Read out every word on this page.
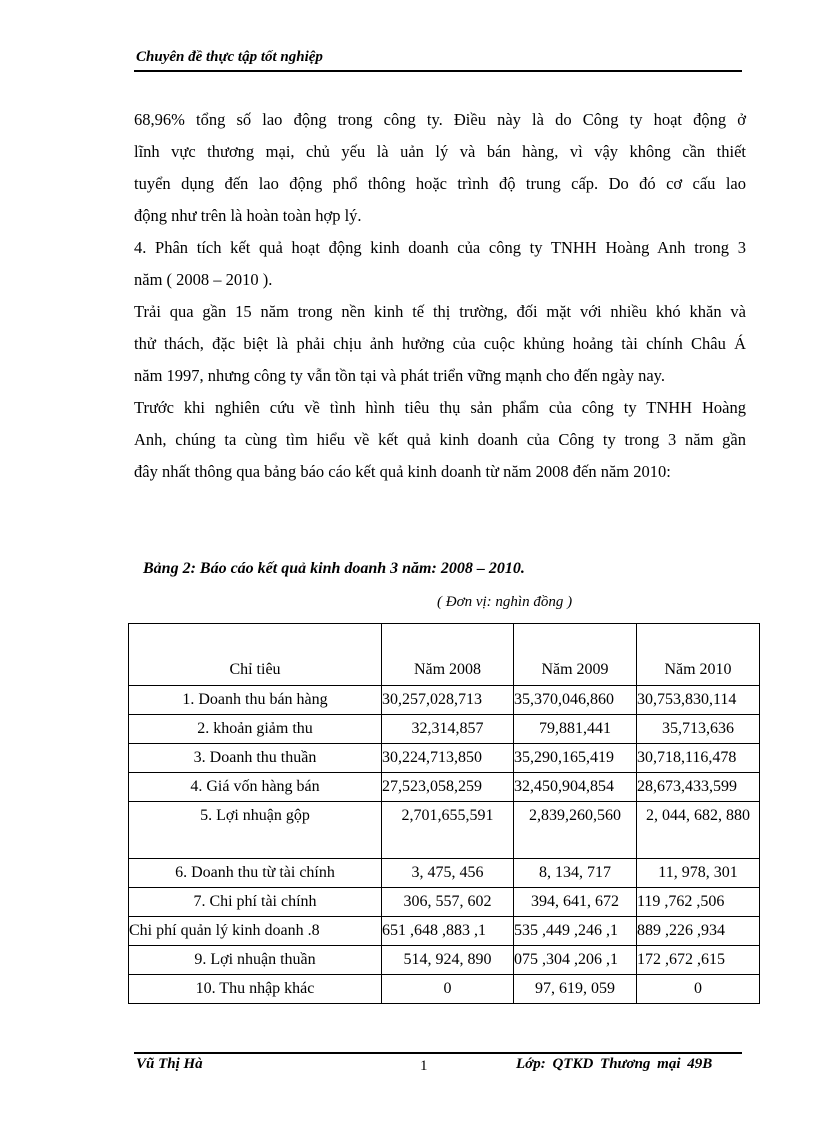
Chuyên đề thực tập tốt nghiệp
68,96% tổng số lao động trong công ty. Điều này là do Công ty hoạt động ở
lĩnh vực thương mại, chủ yếu là uản lý và bán hàng, vì vậy không cần thiết
tuyển dụng đến lao động phổ thông hoặc trình độ trung cấp. Do đó cơ cấu lao
động như trên là hoàn toàn hợp lý.
4. Phân tích kết quả hoạt động kinh doanh của công ty TNHH Hoàng Anh trong 3
năm ( 2008 – 2010 ).
Trải qua gần 15 năm trong nền kinh tế thị trường, đối mặt với nhiều khó khăn và
thử thách, đặc biệt là phải chịu ảnh hưởng của cuộc khủng hoảng tài chính Châu Á
năm 1997, nhưng công ty vẫn tồn tại và phát triển vững mạnh cho đến ngày nay.
Trước khi nghiên cứu về tình hình tiêu thụ sản phẩm của công ty TNHH Hoàng
Anh, chúng ta cùng tìm hiểu về kết quả kinh doanh của Công ty trong 3 năm gần
đây nhất thông qua bảng báo cáo kết quả kinh doanh từ năm 2008 đến năm 2010:
Bảng 2: Báo cáo kết quả kinh doanh 3 năm: 2008 – 2010.
( Đơn vị: nghìn đồng )
Chỉ tiêu	Năm 2008	Năm 2009	Năm 2010
1. Doanh thu bán hàng	30,257,028,713	35,370,046,860	30,753,830,114
2. khoản giảm thu	32,314,857	79,881,441	35,713,636
3. Doanh thu thuần	30,224,713,850	35,290,165,419	30,718,116,478
4. Giá vốn hàng bán	27,523,058,259	32,450,904,854	28,673,433,599
5. Lợi nhuận gộp	2,701,655,591	2,839,260,560	2, 044, 682, 880
6. Doanh thu từ tài chính	3, 475, 456	8, 134, 717	11, 978, 301
7. Chi phí tài chính	306, 557, 602	394, 641, 672	506, 762, 119
8. Chi phí quản lý kinh doanh	1, 883, 648, 651	1, 246, 449, 535	934, 226, 889
9. Lợi nhuận thuần	514, 924, 890	1, 206, 304, 075	615, 672, 172
10. Thu nhập khác	0	97, 619, 059	0
Vũ Thị Hà	1	Lớp: QTKD Thương mại 49B
